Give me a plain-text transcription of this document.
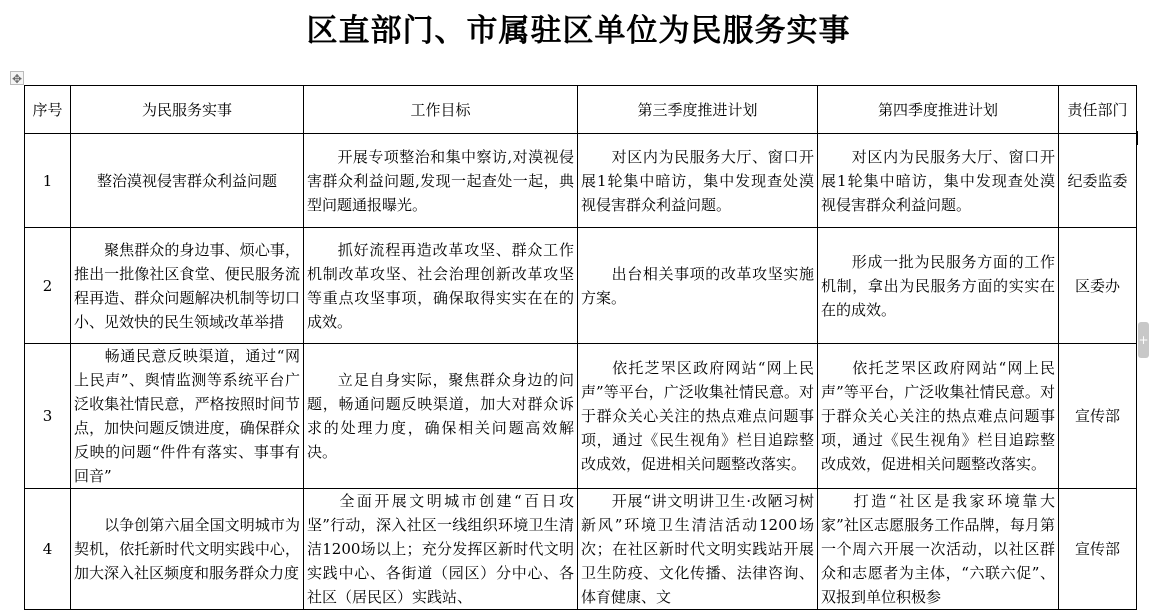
区直部门、市属驻区单位为民服务实事
✥
+
序号	为民服务实事	工作目标	第三季度推进计划	第四季度推进计划	责任部门
1	整治漠视侵害群众利益问题	开展专项整治和集中察访,对漠视侵害群众利益问题,发现一起查处一起，典型问题通报曝光。	对区内为民服务大厅、窗口开展1轮集中暗访，集中发现查处漠视侵害群众利益问题。	对区内为民服务大厅、窗口开展1轮集中暗访，集中发现查处漠视侵害群众利益问题。	纪委监委
2	聚焦群众的身边事、烦心事，推出一批像社区食堂、便民服务流程再造、群众问题解决机制等切口小、见效快的民生领域改革举措	抓好流程再造改革攻坚、群众工作机制改革攻坚、社会治理创新改革攻坚等重点攻坚事项，确保取得实实在在的成效。	出台相关事项的改革攻坚实施方案。	形成一批为民服务方面的工作机制，拿出为民服务方面的实实在在的成效。	区委办
3	畅通民意反映渠道，通过“网上民声”、舆情监测等系统平台广泛收集社情民意，严格按照时间节点，加快问题反馈进度，确保群众反映的问题“件件有落实、事事有回音”	立足自身实际，聚焦群众身边的问题，畅通问题反映渠道，加大对群众诉求的处理力度，确保相关问题高效解决。	依托芝罘区政府网站“网上民声”等平台，广泛收集社情民意。对于群众关心关注的热点难点问题事项，通过《民生视角》栏目追踪整改成效，促进相关问题整改落实。	依托芝罘区政府网站“网上民声”等平台，广泛收集社情民意。对于群众关心关注的热点难点问题事项，通过《民生视角》栏目追踪整改成效，促进相关问题整改落实。	宣传部
4	以争创第六届全国文明城市为契机，依托新时代文明实践中心，加大深入社区频度和服务群众力度	全面开展文明城市创建“百日攻坚”行动，深入社区一线组织环境卫生清洁1200场以上；充分发挥区新时代文明实践中心、各街道（园区）分中心、各社区（居民区）实践站、	开展“讲文明讲卫生·改陋习树新风”环境卫生清洁活动1200场次；在社区新时代文明实践站开展卫生防疫、文化传播、法律咨询、体育健康、文	打造“社区是我家环境靠大家”社区志愿服务工作品牌，每月第一个周六开展一次活动，以社区群众和志愿者为主体，“六联六促”、双报到单位积极参	宣传部
